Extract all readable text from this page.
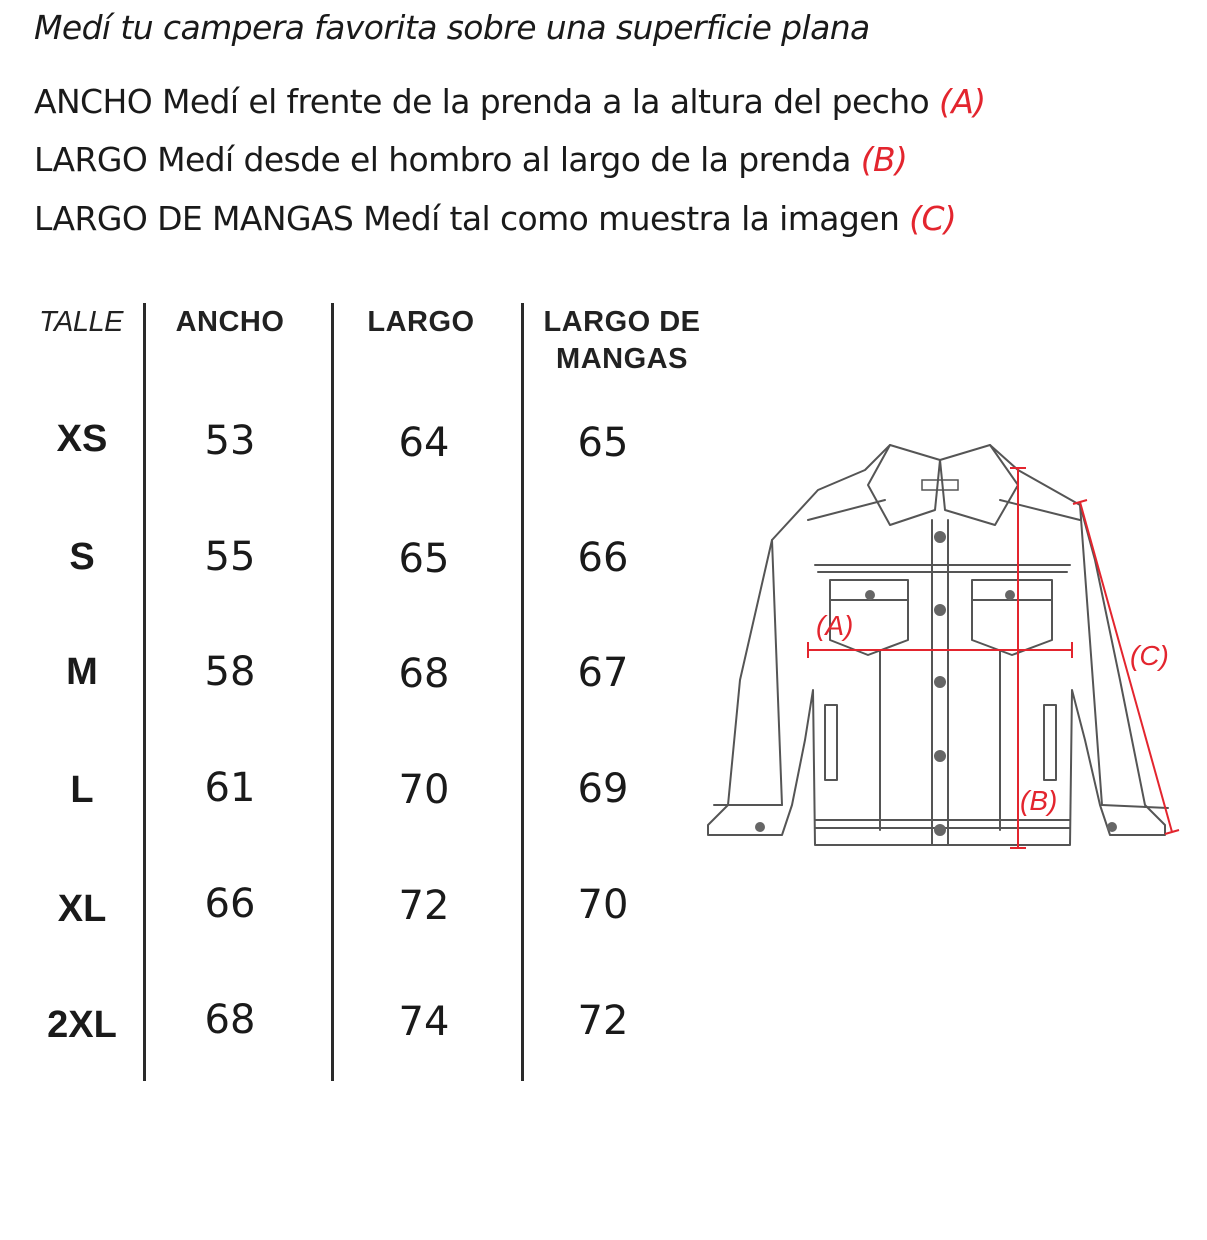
Medí tu campera favorita sobre una superficie plana
ANCHO Medí el frente de la prenda a la altura del pecho (A)
LARGO Medí desde el hombro al largo de la prenda (B)
LARGO DE MANGAS Medí tal como muestra la imagen (C)
TALLE	ANCHO	LARGO	LARGO DE
MANGAS
XS	53	64	65
S	55	65	66
M	58	68	67
L	61	70	69
XL	66	72	70
2XL	68	74	72
(A)
(B)
(C)
